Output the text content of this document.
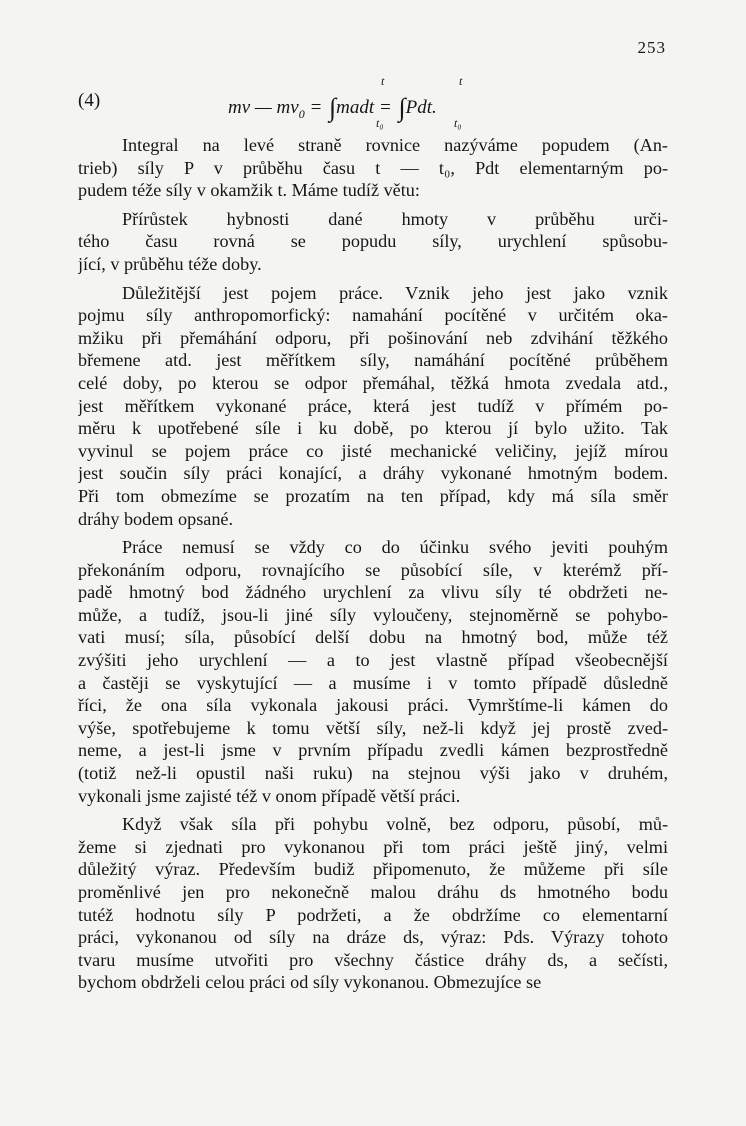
253
(4)	mv — $mv_0$ = ∫madt = ∫Pdt.
t
t₀
t
t₀
Integral na levé straně rovnice nazýváme popudem (An-
trieb) síly P v průběhu času t — t₀, Pdt elementarným po-
pudem téže síly v okamžik t. Máme tudíž větu:
Přírůstek hybnosti dané hmoty v průběhu urči-
tého času rovná se popudu síly, urychlení spůsobu-
jící, v průběhu téže doby.
Důležitější jest pojem práce. Vznik jeho jest jako vznik
pojmu síly anthropomorfický: namahání pocítěné v určitém oka-
mžiku při přemáhání odporu, při pošinování neb zdvihání těžkého
břemene atd. jest měřítkem síly, namáhání pocítěné průběhem
celé doby, po kterou se odpor přemáhal, těžká hmota zvedala atd.,
jest měřítkem vykonané práce, která jest tudíž v přímém po-
měru k upotřebené síle i ku době, po kterou jí bylo užito. Tak
vyvinul se pojem práce co jisté mechanické veličiny, jejíž mírou
jest součin síly práci konající, a dráhy vykonané hmotným bodem.
Při tom obmezíme se prozatím na ten případ, kdy má síla směr
dráhy bodem opsané.
Práce nemusí se vždy co do účinku svého jeviti pouhým
překonáním odporu, rovnajícího se působící síle, v kterémž pří-
padě hmotný bod žádného urychlení za vlivu síly té obdržeti ne-
může, a tudíž, jsou-li jiné síly vyloučeny, stejnoměrně se pohybo-
vati musí; síla, působící delší dobu na hmotný bod, může též
zvýšiti jeho urychlení — a to jest vlastně případ všeobecnější
a častěji se vyskytující — a musíme i v tomto případě důsledně
říci, že ona síla vykonala jakousi práci. Vymrštíme-li kámen do
výše, spotřebujeme k tomu větší síly, než-li když jej prostě zved-
neme, a jest-li jsme v prvním případu zvedli kámen bezprostředně
(totiž než-li opustil naši ruku) na stejnou výši jako v druhém,
vykonali jsme zajisté též v onom případě větší práci.
Když však síla při pohybu volně, bez odporu, působí, mů-
žeme si zjednati pro vykonanou při tom práci ještě jiný, velmi
důležitý výraz. Především budiž připomenuto, že můžeme při síle
proměnlivé jen pro nekonečně malou dráhu ds hmotného bodu
tutéž hodnotu síly P podržeti, a že obdržíme co elementarní
práci, vykonanou od síly na dráze ds, výraz: Pds. Výrazy tohoto
tvaru musíme utvořiti pro všechny částice dráhy ds, a sečísti,
bychom obdrželi celou práci od síly vykonanou. Obmezujíce se
